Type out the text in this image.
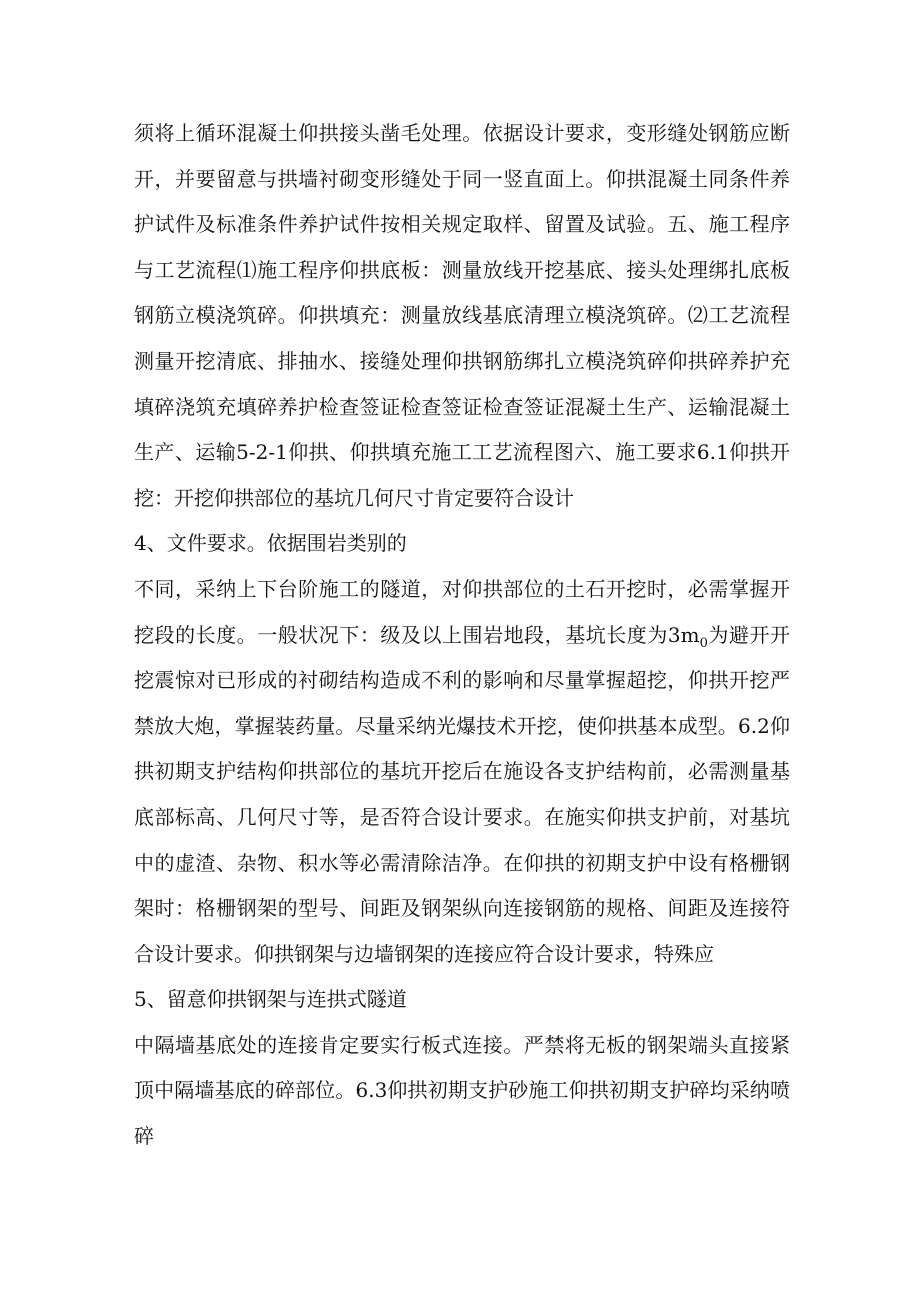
须将上循环混凝土仰拱接头凿毛处理。依据设计要求，变形缝处钢筋应断开，并要留意与拱墙衬砌变形缝处于同一竖直面上。仰拱混凝土同条件养护试件及标准条件养护试件按相关规定取样、留置及试验。五、施工程序与工艺流程⑴施工程序仰拱底板：测量放线开挖基底、接头处理绑扎底板钢筋立模浇筑碎。仰拱填充：测量放线基底清理立模浇筑碎。⑵工艺流程测量开挖清底、排抽水、接缝处理仰拱钢筋绑扎立模浇筑碎仰拱碎养护充填碎浇筑充填碎养护检查签证检查签证检查签证混凝土生产、运输混凝土生产、运输5-2-1仰拱、仰拱填充施工工艺流程图六、施工要求6.1仰拱开挖：开挖仰拱部位的基坑几何尺寸肯定要符合设计

4、文件要求。依据围岩类别的
不同，采纳上下台阶施工的隧道，对仰拱部位的土石开挖时，必需掌握开挖段的长度。一般状况下：级及以上围岩地段，基坑长度为$3m_0$为避开开挖震惊对已形成的衬砌结构造成不利的影响和尽量掌握超挖，仰拱开挖严禁放大炮，掌握装药量。尽量采纳光爆技术开挖，使仰拱基本成型。6.2仰拱初期支护结构仰拱部位的基坑开挖后在施设各支护结构前，必需测量基底部标高、几何尺寸等，是否符合设计要求。在施实仰拱支护前，对基坑中的虚渣、杂物、积水等必需清除洁净。在仰拱的初期支护中设有格栅钢架时：格栅钢架的型号、间距及钢架纵向连接钢筋的规格、间距及连接符合设计要求。仰拱钢架与边墙钢架的连接应符合设计要求，特殊应

5、留意仰拱钢架与连拱式隧道
中隔墙基底处的连接肯定要实行板式连接。严禁将无板的钢架端头直接紧顶中隔墙基底的碎部位。6.3仰拱初期支护砂施工仰拱初期支护碎均采纳喷碎
